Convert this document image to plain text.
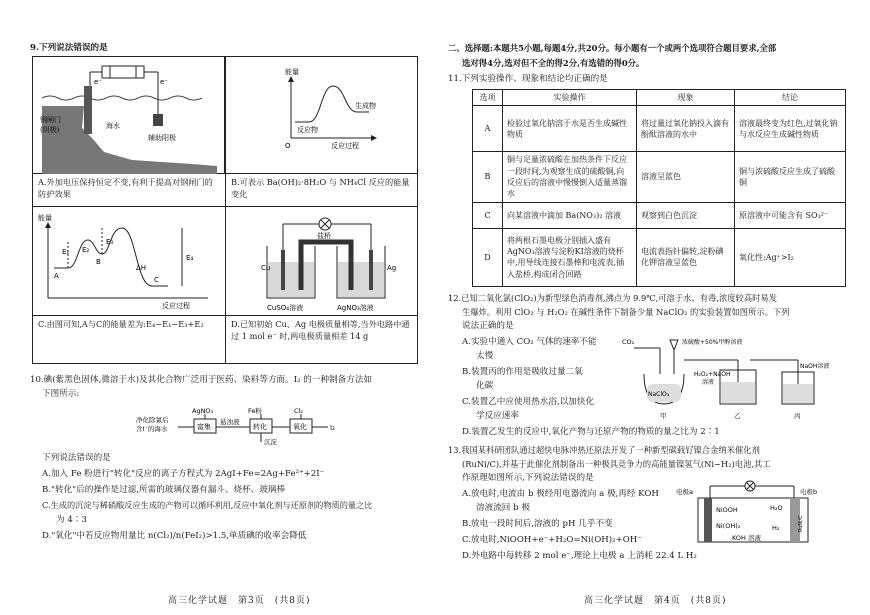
9.下列说法错误的是
e⁻	e⁻
钢闸门
(阴极)	海水
辅助阳极
能量
反应物
生成物
反应过程
O
A.外加电压保持恒定不变,有利于提高对钢闸门的防护效果
B.可表示 Ba(OH)₂·8H₂O 与 NH₄Cl 反应的能量变化
能量
E₁ E₂
E₃
E₄
A
B
C
ΔH
反应过程
盐桥
Cu	Ag
CuSO₄溶液	AgNO₃溶液
C.由图可知,A与C的能量差为:E₄−E₁−E₃+E₂	D.已知初始 Cu、Ag 电极质量相等,当外电路中通过 1 mol e⁻ 时,两电极质量相差 14 g
10.碘(紫黑色固体,微溶于水)及其化合物广泛用于医药、染料等方面。I₂ 的一种制备方法如
下图所示:
净化除氯后
含I⁻的海水	富集
AgNO₃
悬浊液
转化
Fe粉
沉淀
氧化
Cl₂
I₂
下列说法错误的是
A.加入 Fe 粉进行"转化"反应的离子方程式为 2AgI+Fe=2Ag+Fe²⁺+2I⁻
B."转化"后的操作是过滤,所需的玻璃仪器有漏斗、烧杯、玻璃棒
C.生成的沉淀与稀硝酸反应生成的产物可以循环利用,反应中氧化剂与还原剂的物质的量之比
为 4∶3
D."氧化"中若反应物用量比 n(Cl₂)/n(FeI₂)>1.5,单质碘的收率会降低
高三化学试题　第3页　(共8页)
二、选择题:本题共5小题,每题4分,共20分。每小题有一个或两个选项符合题目要求,全部
选对得4分,选对但不全的得2分,有选错的得0分。
11.下列实验操作、现象和结论均正确的是
选项	实验操作	现象	结论
A	检验过氧化钠溶于水是否生成碱性物质	将过量过氧化钠投入滴有酚酞溶液的水中	溶液最终变为红色,过氧化钠与水反应生成碱性物质
B	铜与足量浓硫酸在加热条件下反应一段时间,为观察生成的硫酸铜,向反应后的溶液中慢慢倒入适量蒸馏水	溶液呈蓝色	铜与浓硫酸反应生成了硫酸铜
C	向某溶液中滴加 Ba(NO₃)₂ 溶液	观察到白色沉淀	原溶液中可能含有 SO₃²⁻
D	将两根石墨电极分别插入盛有AgNO₃溶液与淀粉KI溶液的烧杯中,用导线连接石墨棒和电流表,插入盐桥,构成闭合回路	电流表指针偏转,淀粉碘化钾溶液呈蓝色	氧化性:Ag⁺>I₂
12.已知二氧化氯(ClO₂)为新型绿色消毒剂,沸点为 9.9℃,可溶于水、有毒,浓度较高时易发
生爆炸。利用 ClO₂ 与 H₂O₂ 在碱性条件下制备少量 NaClO₂ 的实验装置如图所示。下列
说法正确的是
A.实验中通入 CO₂ 气体的速率不能
太慢
B.装置丙的作用是吸收过量二氧
化碳
C.装置乙中应使用热水浴,以加快化
学反应速率
D.装置乙发生的反应中,氧化产物与还原产物的物质的量之比为 2∶1
CO₂	浓硫酸+50%甲醇溶液
H₂O₂+NaOH
溶液
NaClO₃
NaOH溶液
甲	乙	丙
13.我国某科研团队通过超快电脉冲热还原法开发了一种新型碳载钌镍合金纳米催化剂
(RuNi/C),并基于此催化剂制备出一种极具竞争力的高能量镍氢气(Ni−H₂)电池,其工
作原理如图所示,下列说法错误的是
A.放电时,电流由 b 极经用电器流向 a 极,再经 KOH
溶液流回 b 极
B.放电一段时间后,溶液的 pH 几乎不变
C.放电时,NiOOH+e⁻+H₂O=Ni(OH)₂+OH⁻
D.外电路中每转移 2 mol e⁻,理论上电极 a 上消耗 22.4 L H₂
电极a	电极b
NiOOH
Ni(OH)₂
H₂O
H₂
KOH 溶液
RuNi/C
高三化学试题　第4页　(共8页)
